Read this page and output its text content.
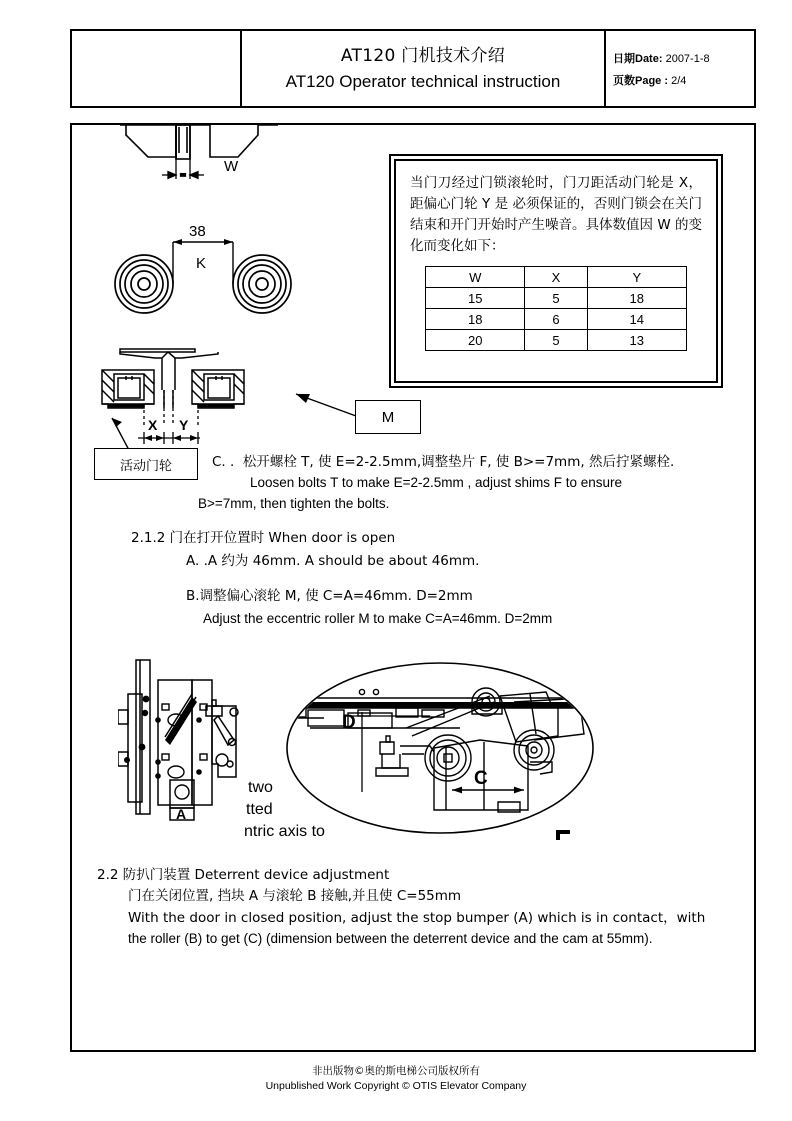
AT120 门机技术介绍
AT120 Operator technical instruction
日期Date: 2007-1-8
页数Page : 2/4
W
38
K
X Y	M
活动门轮
当门刀经过门锁滚轮时，门刀距活动门轮是 X，距偏心门轮 Y 是 必须保证的，否则门锁会在关门结束和开门开始时产生噪音。具体数值因 W 的变化而变化如下：
W	X	Y
15	5	18
18	6	14
20	5	13
C. .  松开螺栓 T, 使 E=2-2.5mm,调整垫片 F, 使 B>=7mm, 然后拧紧螺栓.
Loosen bolts T to make E=2-2.5mm , adjust shims F to ensure
B>=7mm, then tighten the bolts.
2.1.2 门在打开位置时 When door is open
A. .A 约为 46mm. A should be about 46mm.
B.调整偏心滚轮 M, 使 C=A=46mm. D=2mm
Adjust the eccentric roller M to make C=A=46mm. D=2mm
A
D
C
two
tted
ntric axis to
2.2 防扒门装置 Deterrent device adjustment
门在关闭位置, 挡块 A 与滚轮 B 接触,并且使 C=55mm
With the door in closed position, adjust the stop bumper (A) which is in contact，with
the roller (B) to get (C) (dimension between the deterrent device and the cam at 55mm).
非出版物©奥的斯电梯公司版权所有
Unpublished Work Copyright © OTIS Elevator Company
